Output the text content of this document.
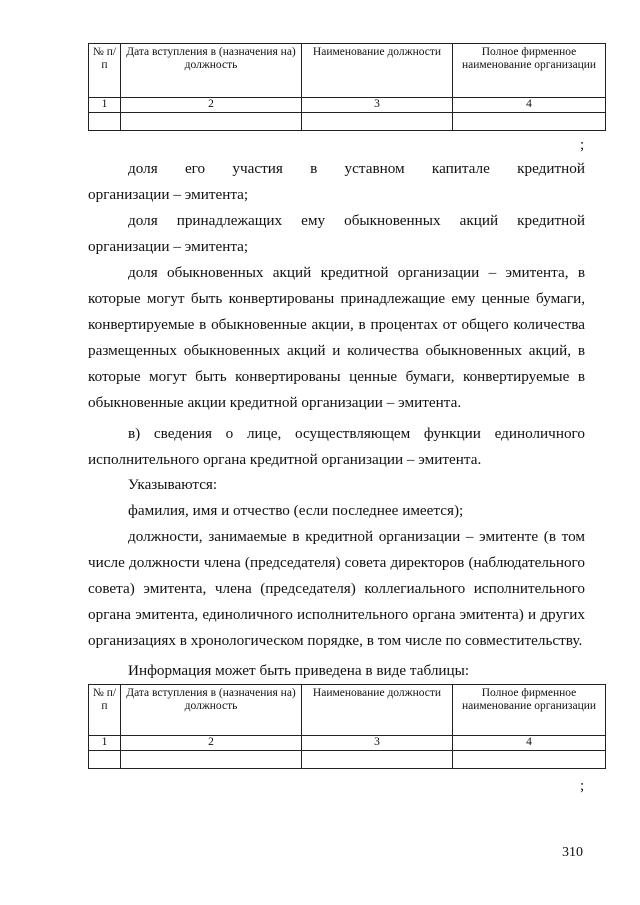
№ п/п	Дата вступления в (назначения на) должность	Наименование должности	Полное фирменное наименование организации
1	2	3	4

;
доля его участия в уставном капитале кредитной
организации – эмитента;
доля принадлежащих ему обыкновенных акций кредитной
организации – эмитента;

доля обыкновенных акций кредитной организации – эмитента, в которые могут быть конвертированы принадлежащие ему ценные бумаги, конвертируемые в обыкновенные акции, в процентах от общего количества размещенных обыкновенных акций и количества обыкновенных акций, в которые могут быть конвертированы ценные бумаги, конвертируемые в обыкновенные акции кредитной организации – эмитента.

в) сведения о лице, осуществляющем функции единоличного исполнительного органа кредитной организации – эмитента.

Указываются:

фамилия, имя и отчество (если последнее имеется);

должности, занимаемые в кредитной организации – эмитенте (в том числе должности члена (председателя) совета директоров (наблюдательного совета) эмитента, члена (председателя) коллегиального исполнительного органа эмитента, единоличного исполнительного органа эмитента) и других организациях в хронологическом порядке, в том числе по совместительству.

Информация может быть приведена в виде таблицы:

№ п/п	Дата вступления в (назначения на) должность	Наименование должности	Полное фирменное наименование организации
1	2	3	4

;
310
